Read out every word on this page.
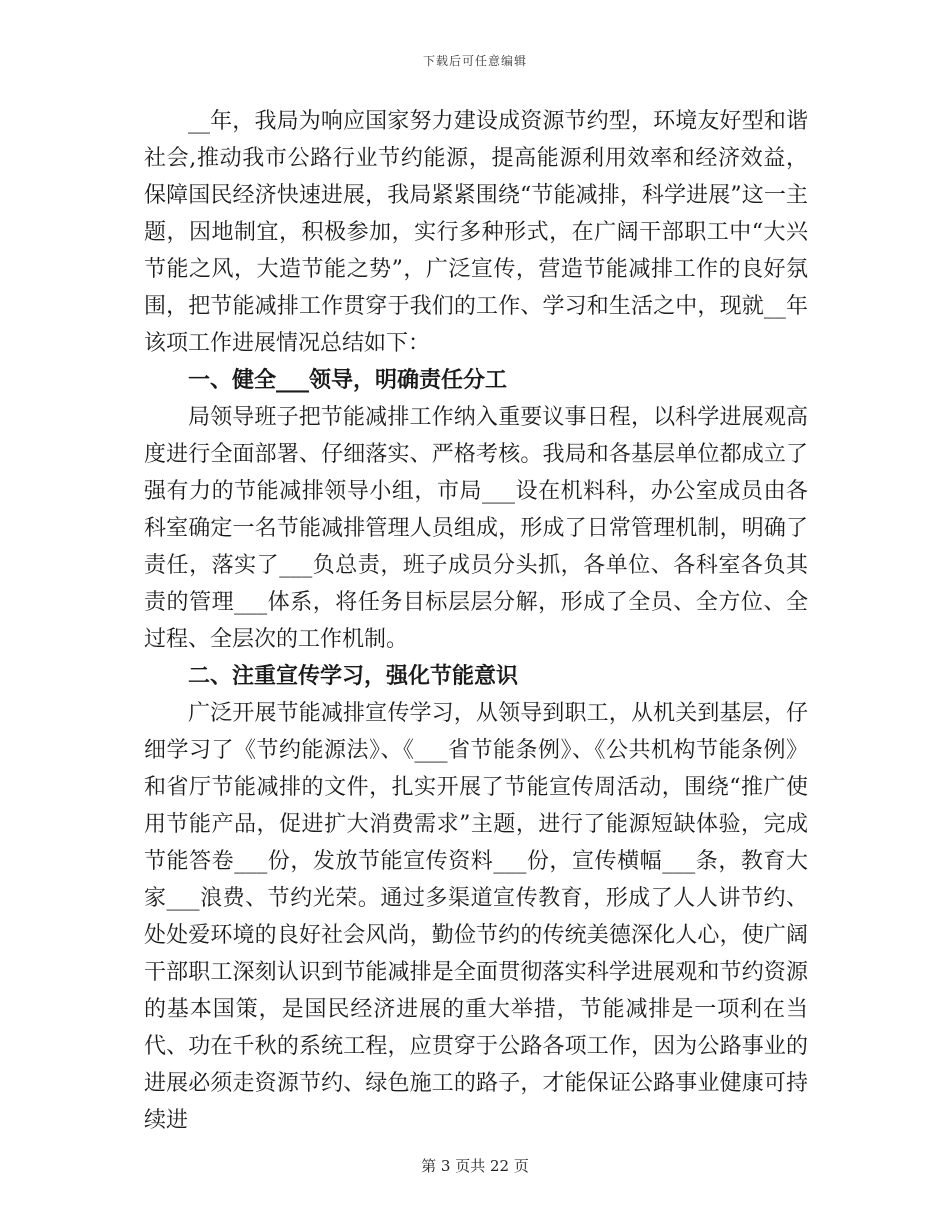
下载后可任意编辑

__年，我局为响应国家努力建设成资源节约型，环境友好型和谐社会,推动我市公路行业节约能源，提高能源利用效率和经济效益，保障国民经济快速进展，我局紧紧围绕“节能减排，科学进展”这一主题，因地制宜，积极参加，实行多种形式，在广阔干部职工中“大兴节能之风，大造节能之势”，广泛宣传，营造节能减排工作的良好氛围，把节能减排工作贯穿于我们的工作、学习和生活之中，现就__年该项工作进展情况总结如下：

一、健全___领导，明确责任分工

局领导班子把节能减排工作纳入重要议事日程，以科学进展观高度进行全面部署、仔细落实、严格考核。我局和各基层单位都成立了强有力的节能减排领导小组，市局___设在机料科，办公室成员由各科室确定一名节能减排管理人员组成，形成了日常管理机制，明确了责任，落实了___负总责，班子成员分头抓，各单位、各科室各负其责的管理___体系，将任务目标层层分解，形成了全员、全方位、全过程、全层次的工作机制。

二、注重宣传学习，强化节能意识

广泛开展节能减排宣传学习，从领导到职工，从机关到基层，仔细学习了《节约能源法》、《___省节能条例》、《公共机构节能条例》和省厅节能减排的文件，扎实开展了节能宣传周活动，围绕“推广使用节能产品，促进扩大消费需求”主题，进行了能源短缺体验，完成节能答卷___份，发放节能宣传资料___份，宣传横幅___条，教育大家___浪费、节约光荣。通过多渠道宣传教育，形成了人人讲节约、处处爱环境的良好社会风尚，勤俭节约的传统美德深化人心，使广阔干部职工深刻认识到节能减排是全面贯彻落实科学进展观和节约资源的基本国策，是国民经济进展的重大举措，节能减排是一项利在当代、功在千秋的系统工程，应贯穿于公路各项工作，因为公路事业的进展必须走资源节约、绿色施工的路子，才能保证公路事业健康可持续进

第 3 页共 22 页
